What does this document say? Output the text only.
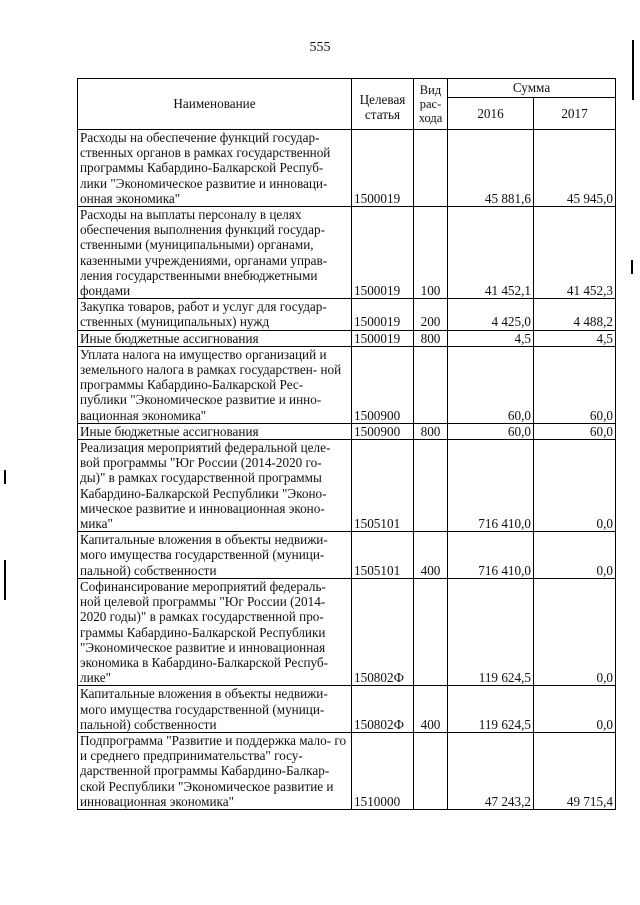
555
Наименование	Целевая статья	Вид рас- хода	Сумма	
			2016	2017
Расходы на обеспечение функций государ- ственных органов в рамках государственной программы Кабардино-Балкарской Респуб- лики "Экономическое развитие и инноваци- онная экономика"	1500019		45 881,6	45 945,0
Расходы на выплаты персоналу в целях обеспечения выполнения функций государ- ственными (муниципальными) органами, казенными учреждениями, органами управ- ления государственными внебюджетными фондами	1500019	100	41 452,1	41 452,3
Закупка товаров, работ и услуг для государ- ственных (муниципальных) нужд	1500019	200	4 425,0	4 488,2
Иные бюджетные ассигнования	1500019	800	4,5	4,5
Уплата налога на имущество организаций и земельного налога в рамках государствен- ной программы Кабардино-Балкарской Рес- публики "Экономическое развитие и инно- вационная экономика"	1500900		60,0	60,0
Иные бюджетные ассигнования	1500900	800	60,0	60,0
Реализация мероприятий федеральной целе- вой программы "Юг России (2014-2020 го- ды)" в рамках государственной программы Кабардино-Балкарской Республики "Эконо- мическое развитие и инновационная эконо- мика"	1505101		716 410,0	0,0
Капитальные вложения в объекты недвижи- мого имущества государственной (муници- пальной) собственности	1505101	400	716 410,0	0,0
Софинансирование мероприятий федераль- ной целевой программы "Юг России (2014- 2020 годы)" в рамках государственной про- граммы Кабардино-Балкарской Республики "Экономическое развитие и инновационная экономика в Кабардино-Балкарской Респуб- лике"	150802Ф		119 624,5	0,0
Капитальные вложения в объекты недвижи- мого имущества государственной (муници- пальной) собственности	150802Ф	400	119 624,5	0,0
Подпрограмма "Развитие и поддержка мало- го и среднего предпринимательства" госу- дарственной программы Кабардино-Балкар- ской Республики "Экономическое развитие и инновационная экономика"	1510000		47 243,2	49 715,4
